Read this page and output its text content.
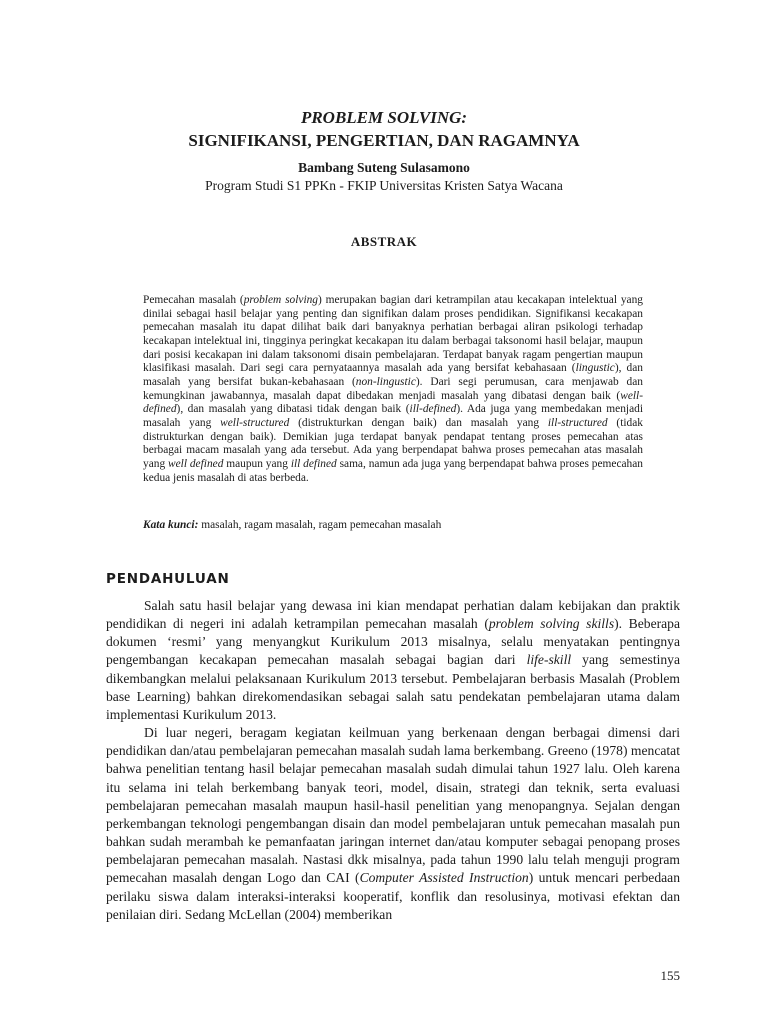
PROBLEM SOLVING:
SIGNIFIKANSI, PENGERTIAN, DAN RAGAMNYA
Bambang Suteng Sulasamono
Program Studi S1 PPKn - FKIP Universitas Kristen Satya Wacana
ABSTRAK

Pemecahan masalah (problem solving) merupakan bagian dari ketrampilan atau kecakapan intelektual yang dinilai sebagai hasil belajar yang penting dan signifikan dalam proses pendidikan. Signifikansi kecakapan pemecahan masalah itu dapat dilihat baik dari banyaknya perhatian berbagai aliran psikologi terhadap kecakapan intelektual ini, tingginya peringkat kecakapan itu dalam berbagai taksonomi hasil belajar, maupun dari posisi kecakapan ini dalam taksonomi disain pembelajaran. Terdapat banyak ragam pengertian maupun klasifikasi masalah. Dari segi cara pernyataannya masalah ada yang bersifat kebahasaan (lingustic), dan masalah yang bersifat bukan-kebahasaan (non-lingustic). Dari segi perumusan, cara menjawab dan kemungkinan jawabannya, masalah dapat dibedakan menjadi masalah yang dibatasi dengan baik (well-defined), dan masalah yang dibatasi tidak dengan baik (ill-defined). Ada juga yang membedakan menjadi masalah yang well-structured (distrukturkan dengan baik) dan masalah yang ill-structured (tidak distrukturkan dengan baik). Demikian juga terdapat banyak pendapat tentang proses pemecahan atas berbagai macam masalah yang ada tersebut. Ada yang berpendapat bahwa proses pemecahan atas masalah yang well defined maupun yang ill defined sama, namun ada juga yang berpendapat bahwa proses pemecahan kedua jenis masalah di atas berbeda.

Kata kunci: masalah, ragam masalah, ragam pemecahan masalah

PENDAHULUAN

Salah satu hasil belajar yang dewasa ini kian mendapat perhatian dalam kebijakan dan praktik pendidikan di negeri ini adalah ketrampilan pemecahan masalah (problem solving skills). Beberapa dokumen ‘resmi’ yang menyangkut Kurikulum 2013 misalnya, selalu menyatakan pentingnya pengembangan kecakapan pemecahan masalah sebagai bagian dari life-skill yang semestinya dikembangkan melalui pelaksanaan Kurikulum 2013 tersebut. Pembelajaran berbasis Masalah (Problem base Learning) bahkan direkomendasikan sebagai salah satu pendekatan pembelajaran utama dalam implementasi Kurikulum 2013.

Di luar negeri, beragam kegiatan keilmuan yang berkenaan dengan berbagai dimensi dari pendidikan dan/atau pembelajaran pemecahan masalah sudah lama berkembang. Greeno (1978) mencatat bahwa penelitian tentang hasil belajar pemecahan masalah sudah dimulai tahun 1927 lalu. Oleh karena itu selama ini telah berkembang banyak teori, model, disain, strategi dan teknik, serta evaluasi pembelajaran pemecahan masalah maupun hasil-hasil penelitian yang menopangnya. Sejalan dengan perkembangan teknologi pengembangan disain dan model pembelajaran untuk pemecahan masalah pun bahkan sudah merambah ke pemanfaatan jaringan internet dan/atau komputer sebagai penopang proses pembelajaran pemecahan masalah. Nastasi dkk misalnya, pada tahun 1990 lalu telah menguji program pemecahan masalah dengan Logo dan CAI (Computer Assisted Instruction) untuk mencari perbedaan perilaku siswa dalam interaksi-interaksi kooperatif, konflik dan resolusinya, motivasi efektan dan penilaian diri. Sedang McLellan (2004) memberikan

155
